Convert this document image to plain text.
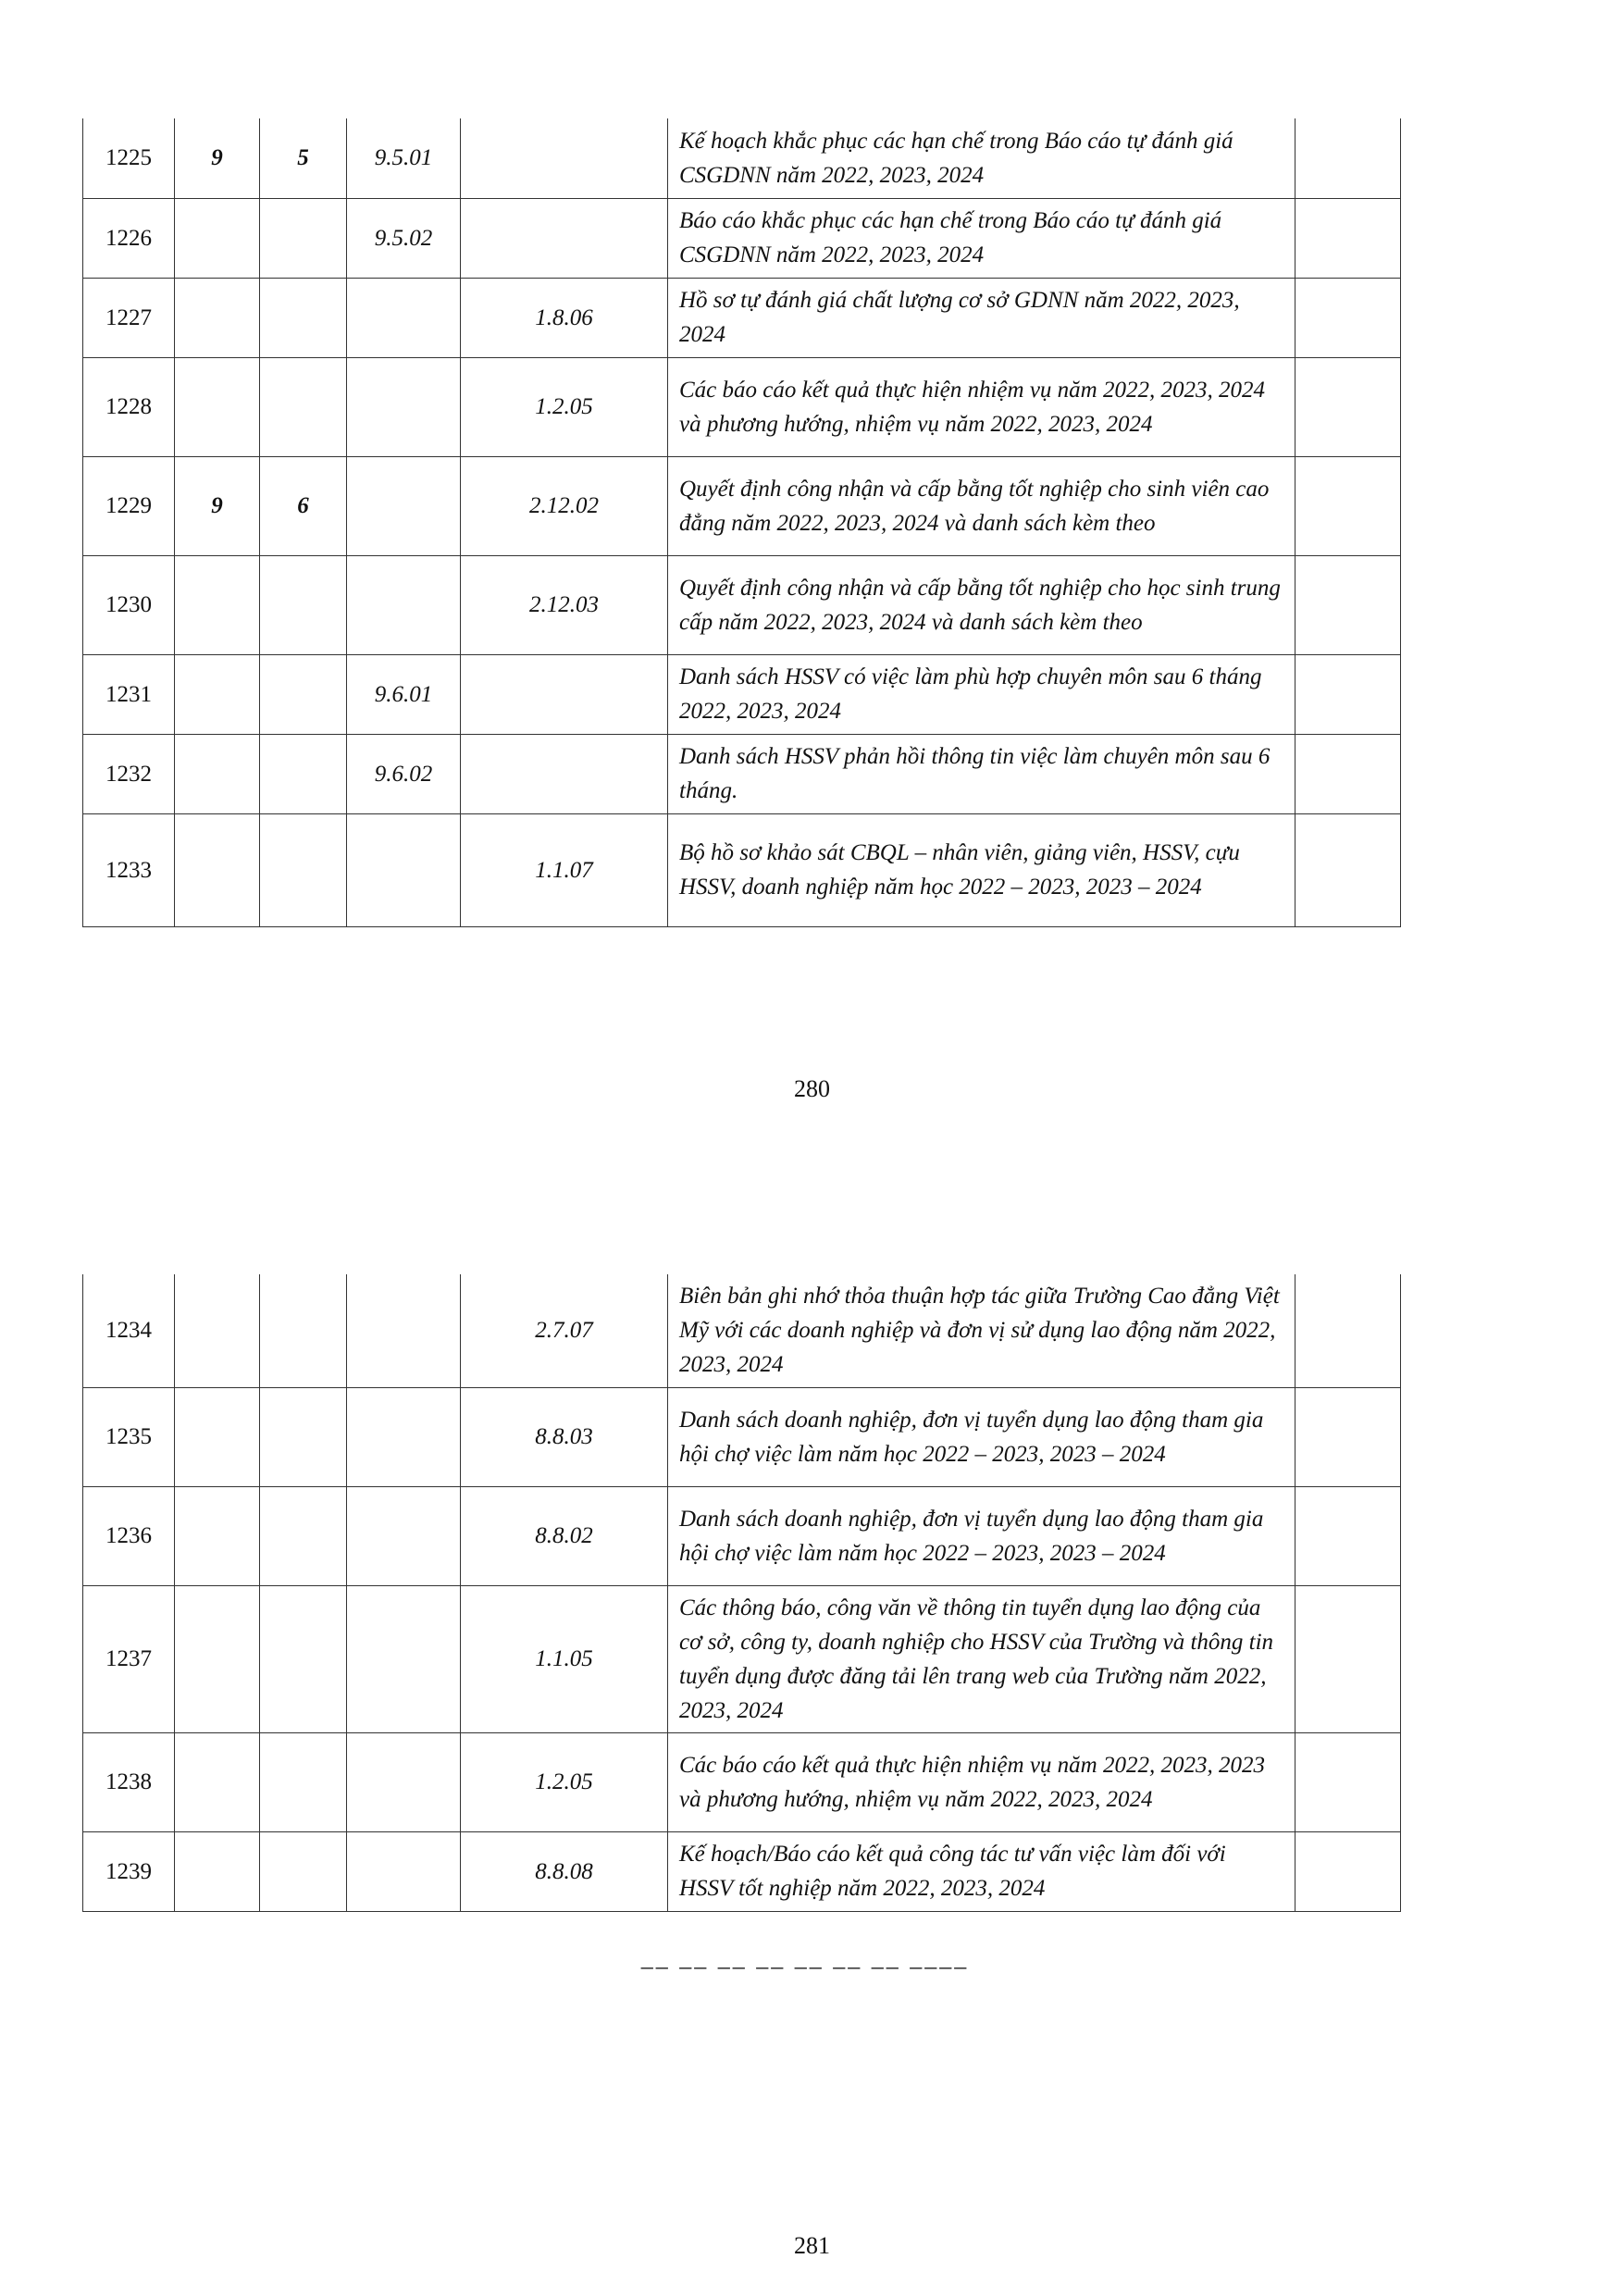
1225	9	5	9.5.01		Kế hoạch khắc phục các hạn chế trong Báo cáo tự đánh giá CSGDNN năm 2022, 2023, 2024	
1226			9.5.02		Báo cáo khắc phục các hạn chế trong Báo cáo tự đánh giá CSGDNN năm 2022, 2023, 2024	
1227				1.8.06	Hồ sơ tự đánh giá chất lượng cơ sở GDNN năm 2022, 2023, 2024	
1228				1.2.05	Các báo cáo kết quả thực hiện nhiệm vụ năm 2022, 2023, 2024 và phương hướng, nhiệm vụ năm 2022, 2023, 2024	
1229	9	6		2.12.02	Quyết định công nhận và cấp bằng tốt nghiệp cho sinh viên cao đẳng năm 2022, 2023, 2024 và danh sách kèm theo	
1230				2.12.03	Quyết định công nhận và cấp bằng tốt nghiệp cho học sinh trung cấp năm 2022, 2023, 2024 và danh sách kèm theo	
1231			9.6.01		Danh sách HSSV có việc làm phù hợp chuyên môn sau 6 tháng 2022, 2023, 2024	
1232			9.6.02		Danh sách HSSV phản hồi thông tin việc làm chuyên môn sau 6 tháng.	
1233				1.1.07	Bộ hồ sơ khảo sát CBQL – nhân viên, giảng viên, HSSV, cựu HSSV, doanh nghiệp năm học 2022 – 2023, 2023 – 2024	
280
1234				2.7.07	Biên bản ghi nhớ thỏa thuận hợp tác giữa Trường Cao đẳng Việt Mỹ với các doanh nghiệp và đơn vị sử dụng lao động năm 2022, 2023, 2024	
1235				8.8.03	Danh sách doanh nghiệp, đơn vị tuyển dụng lao động tham gia hội chợ việc làm năm học 2022 – 2023, 2023 – 2024	
1236				8.8.02	Danh sách doanh nghiệp, đơn vị tuyển dụng lao động tham gia hội chợ việc làm năm học 2022 – 2023, 2023 – 2024	
1237				1.1.05	Các thông báo, công văn về thông tin tuyển dụng lao động của cơ sở, công ty, doanh nghiệp cho HSSV của Trường và thông tin tuyển dụng được đăng tải lên trang web của Trường năm 2022, 2023, 2024	
1238				1.2.05	Các báo cáo kết quả thực hiện nhiệm vụ năm 2022, 2023, 2023 và phương hướng, nhiệm vụ năm 2022, 2023, 2024	
1239				8.8.08	Kế hoạch/Báo cáo kết quả công tác tư vấn việc làm đối với HSSV tốt nghiệp năm 2022, 2023, 2024	
–– –– –– –– –– –– –– ––––
281
